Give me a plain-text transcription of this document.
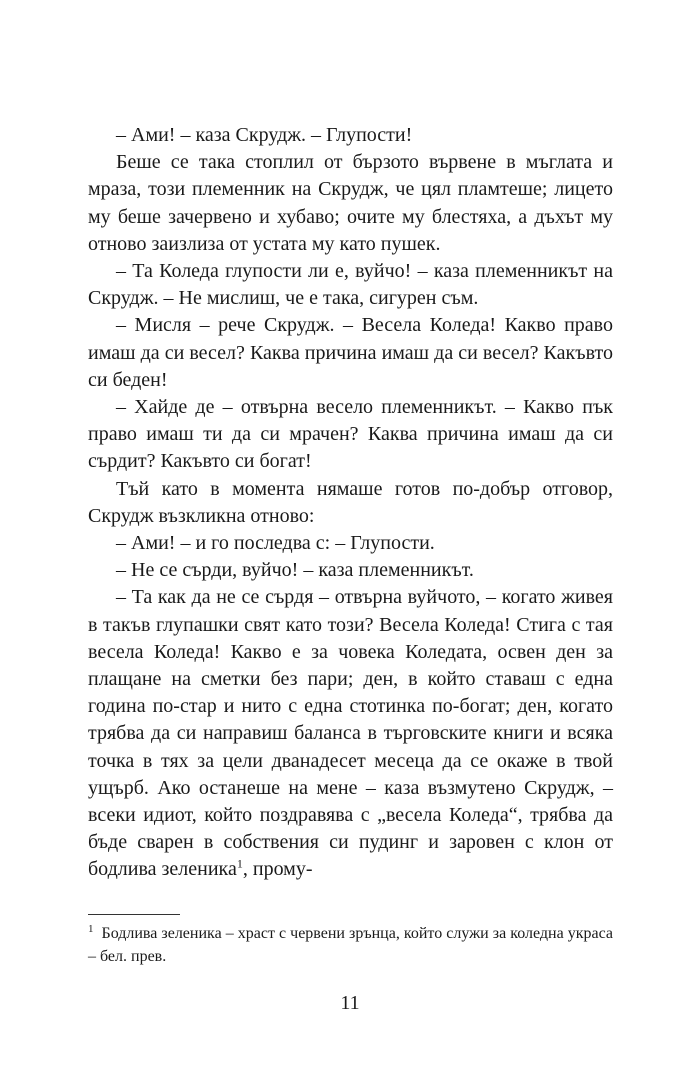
– Ами! – каза Скрудж. – Глупости!

Беше се така стоплил от бързото вървене в мъглата и мраза, този племенник на Скрудж, че цял пламтеше; лицето му беше зачервено и хубаво; очите му блестяха, а дъхът му отново заизлиза от устата му като пушек.

– Та Коледа глупости ли е, вуйчо! – каза племенникът на Скрудж. – Не мислиш, че е така, сигурен съм.

– Мисля – рече Скрудж. – Весела Коледа! Какво право имаш да си весел? Каква причина имаш да си весел? Какъвто си беден!

– Хайде де – отвърна весело племенникът. – Какво пък право имаш ти да си мрачен? Каква причина имаш да си сърдит? Какъвто си богат!

Тъй като в момента нямаше готов по-добър отговор, Скрудж възкликна отново:

– Ами! – и го последва с: – Глупости.

– Не се сърди, вуйчо! – каза племенникът.

– Та как да не се сърдя – отвърна вуйчото, – когато живея в такъв глупашки свят като този? Весела Коледа! Стига с тая весела Коледа! Какво е за човека Коледата, освен ден за плащане на сметки без пари; ден, в който ставаш с една година по-стар и нито с една стотинка по-богат; ден, когато трябва да си направиш баланса в търговските книги и всяка точка в тях за цели дванадесет месеца да се окаже в твой ущърб. Ако останеше на мене – каза възмутено Скрудж, – всеки идиот, който поздравява с „весела Коледа“, трябва да бъде сварен в собствения си пудинг и заровен с клон от бодлива зеленика$^1$, прому-

$^1$ Бодлива зеленика – храст с червени зрънца, който служи за коледна украса – бел. прев.
11
